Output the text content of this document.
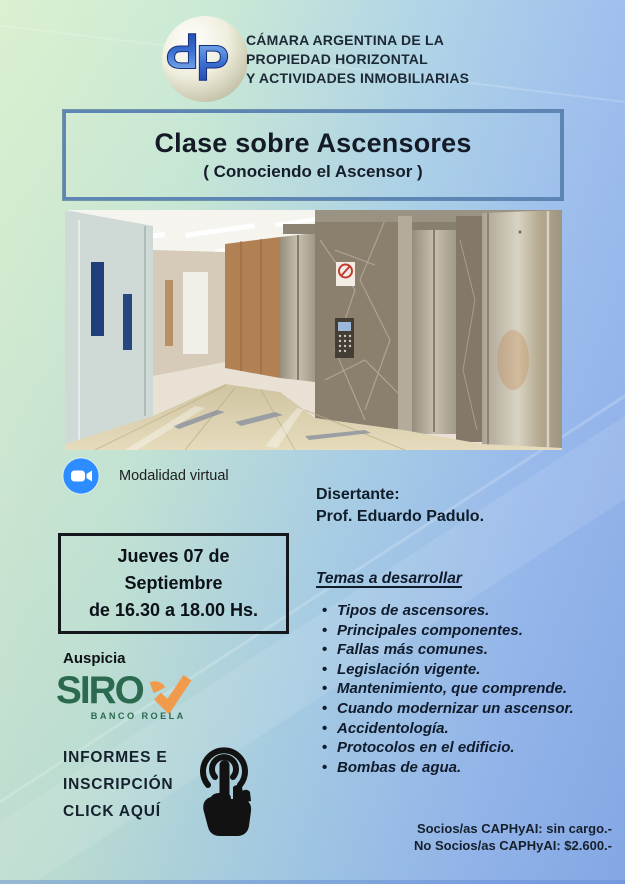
P
P CÁMARA ARGENTINA DE LA
PROPIEDAD HORIZONTAL
Y ACTIVIDADES INMOBILIARIAS
Clase sobre Ascensores
( Conociendo el Ascensor )
Modalidad virtual
Disertante:
Prof. Eduardo Padulo.
Jueves 07 de
Septiembre
de 16.30 a 18.00 Hs.
Temas a desarrollar
• Tipos de ascensores.
• Principales componentes.
• Fallas más comunes.
• Legislación vigente.
• Mantenimiento, que comprende.
• Cuando modernizar un ascensor.
• Accidentología.
• Protocolos en el edificio.
• Bombas de agua.
Auspicia
SIRO
BANCO ROELA
INFORMES E
INSCRIPCIÓN
CLICK AQUÍ
Socios/as CAPHyAI: sin cargo.-
No Socios/as CAPHyAI: $2.600.-
